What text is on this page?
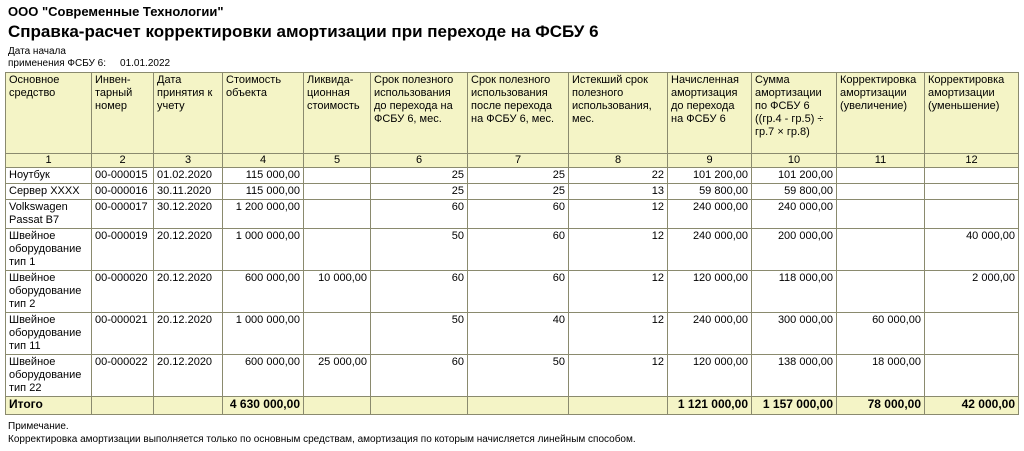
ООО "Современные Технологии"
Справка-расчет корректировки амортизации при переходе на ФСБУ 6
Дата начала
применения ФСБУ 6: 01.01.2022
Основное средство	Инвен-тарный номер	Дата принятия к учету	Стоимость объекта	Ликвида-ционная стоимость	Срок полезного использования до перехода на ФСБУ 6, мес.	Срок полезного использования после перехода на ФСБУ 6, мес.	Истекший срок полезного использования, мес.	Начисленная амортизация до перехода на ФСБУ 6	Сумма амортизации по ФСБУ 6 ((гр.4 - гр.5) ÷ гр.7 × гр.8)	Корректировка амортизации (увеличение)	Корректировка амортизации (уменьшение)
1	2	3	4	5	6	7	8	9	10	11	12
Ноутбук	00-000015	01.02.2020	115 000,00		25	25	22	101 200,00	101 200,00		
Сервер XXXX	00-000016	30.11.2020	115 000,00		25	25	13	59 800,00	59 800,00		
Volkswagen Passat B7	00-000017	30.12.2020	1 200 000,00		60	60	12	240 000,00	240 000,00		
Швейное оборудование тип 1	00-000019	20.12.2020	1 000 000,00		50	60	12	240 000,00	200 000,00		40 000,00
Швейное оборудование тип 2	00-000020	20.12.2020	600 000,00	10 000,00	60	60	12	120 000,00	118 000,00		2 000,00
Швейное оборудование тип 11	00-000021	20.12.2020	1 000 000,00		50	40	12	240 000,00	300 000,00	60 000,00	
Швейное оборудование тип 22	00-000022	20.12.2020	600 000,00	25 000,00	60	50	12	120 000,00	138 000,00	18 000,00	
Итого			4 630 000,00					1 121 000,00	1 157 000,00	78 000,00	42 000,00
Примечание.
Корректировка амортизации выполняется только по основным средствам, амортизация по которым начисляется линейным способом.
